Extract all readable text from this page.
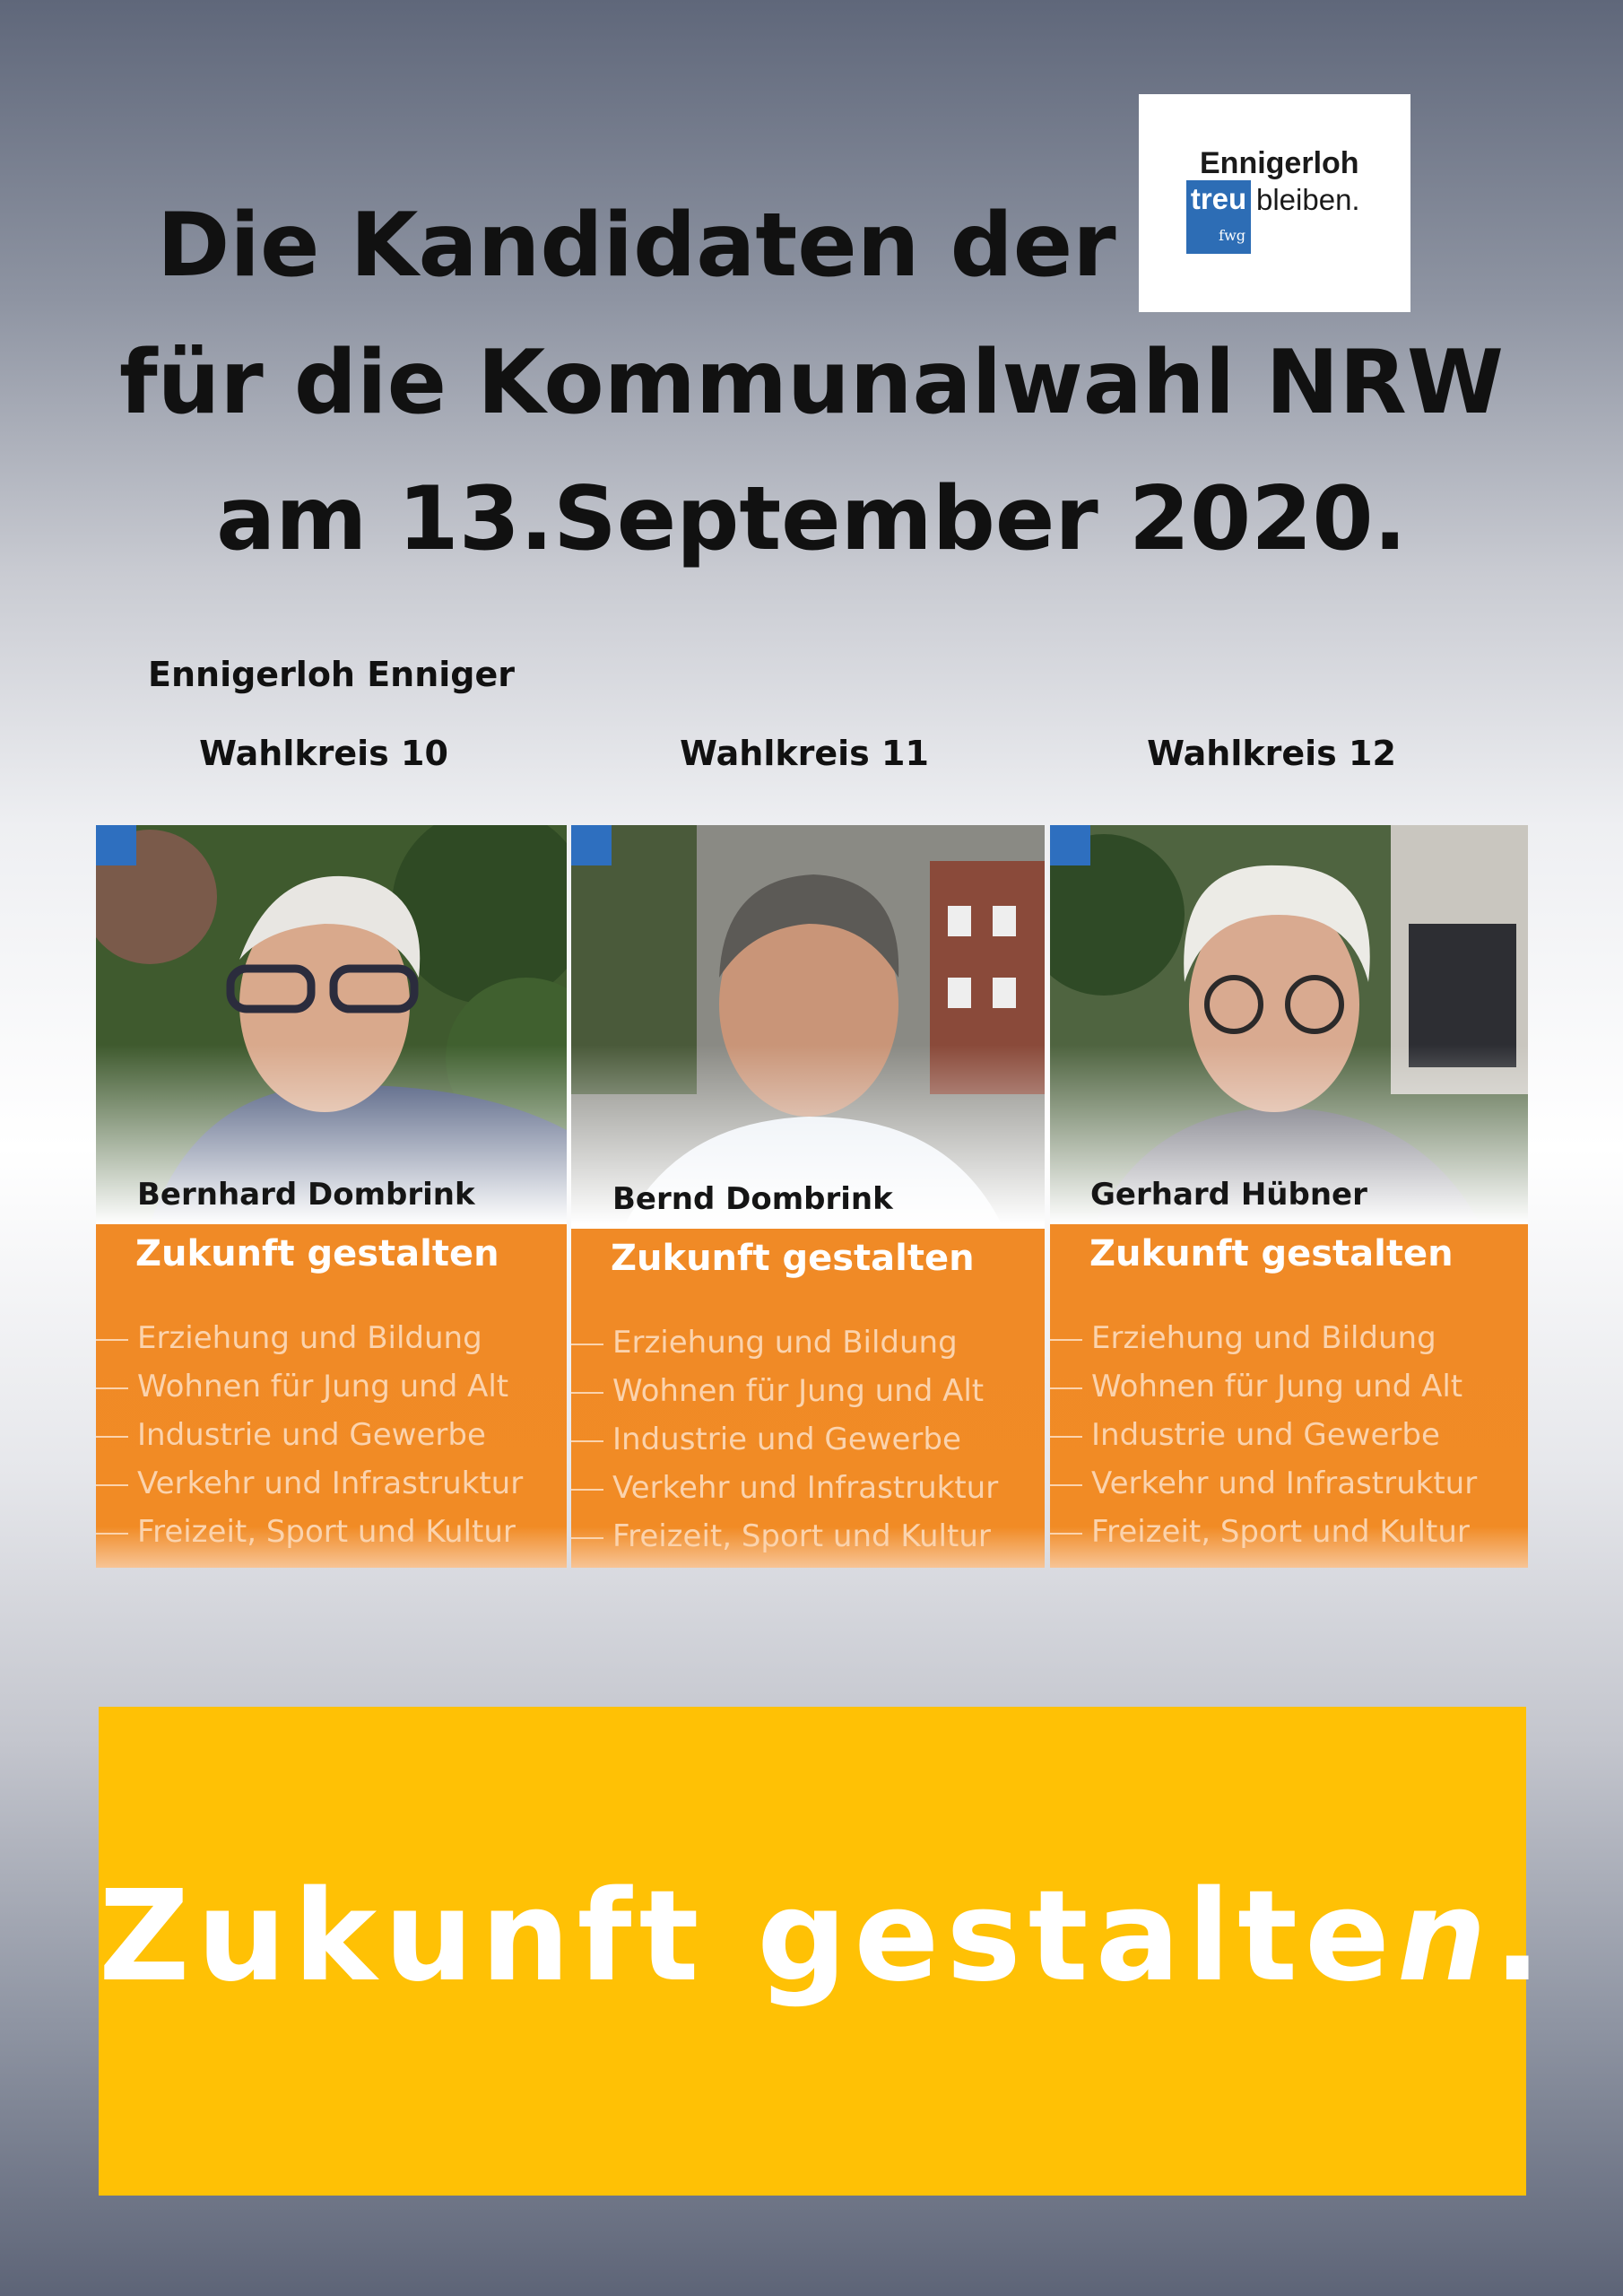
Die Kandidaten der
für die Kommunalwahl NRW
am 13.September 2020.
Ennigerloh
treu bleiben.
fwg
Ennigerloh Enniger
Wahlkreis 10	Wahlkreis 11	Wahlkreis 12
Bernhard Dombrink
Zukunft gestalten
Erziehung und Bildung
Wohnen für Jung und Alt
Industrie und Gewerbe
Verkehr und Infrastruktur
Freizeit, Sport und Kultur
Bernd Dombrink
Zukunft gestalten
Erziehung und Bildung
Wohnen für Jung und Alt
Industrie und Gewerbe
Verkehr und Infrastruktur
Freizeit, Sport und Kultur
Gerhard Hübner
Zukunft gestalten
Erziehung und Bildung
Wohnen für Jung und Alt
Industrie und Gewerbe
Verkehr und Infrastruktur
Freizeit, Sport und Kultur
Zukunft gestalten.
